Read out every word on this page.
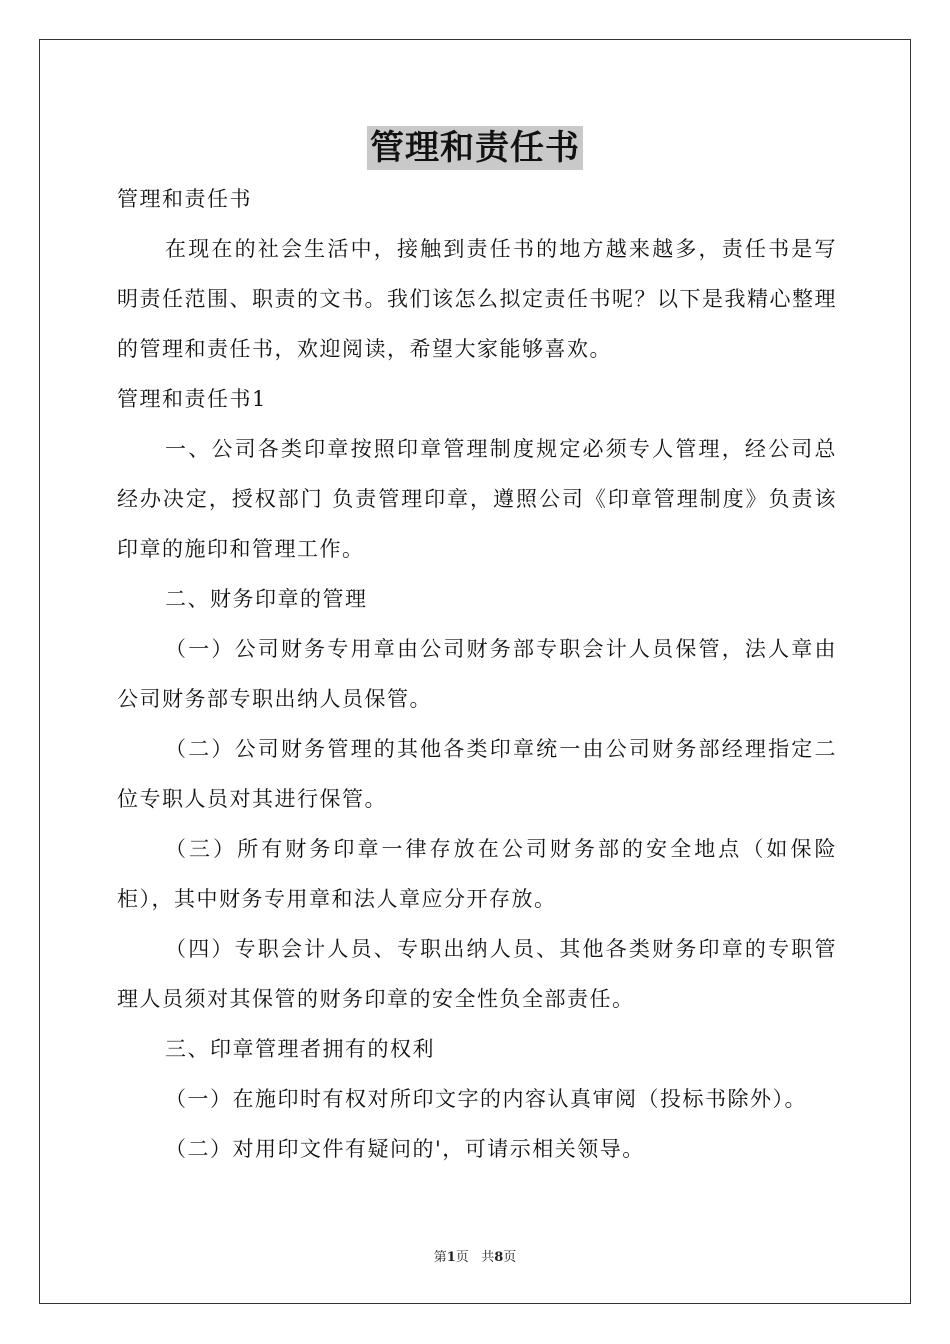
管理和责任书

管理和责任书

在现在的社会生活中，接触到责任书的地方越来越多，责任书是写明责任范围、职责的文书。我们该怎么拟定责任书呢？以下是我精心整理的管理和责任书，欢迎阅读，希望大家能够喜欢。

管理和责任书1

一、公司各类印章按照印章管理制度规定必须专人管理，经公司总经办决定，授权部门 负责管理印章，遵照公司《印章管理制度》负责该印章的施印和管理工作。

二、财务印章的管理

（一）公司财务专用章由公司财务部专职会计人员保管，法人章由公司财务部专职出纳人员保管。

（二）公司财务管理的其他各类印章统一由公司财务部经理指定二位专职人员对其进行保管。

（三）所有财务印章一律存放在公司财务部的安全地点（如保险柜），其中财务专用章和法人章应分开存放。

（四）专职会计人员、专职出纳人员、其他各类财务印章的专职管理人员须对其保管的财务印章的安全性负全部责任。

三、印章管理者拥有的权利

（一）在施印时有权对所印文字的内容认真审阅（投标书除外）。

（二）对用印文件有疑问的'，可请示相关领导。

第1页 共8页
